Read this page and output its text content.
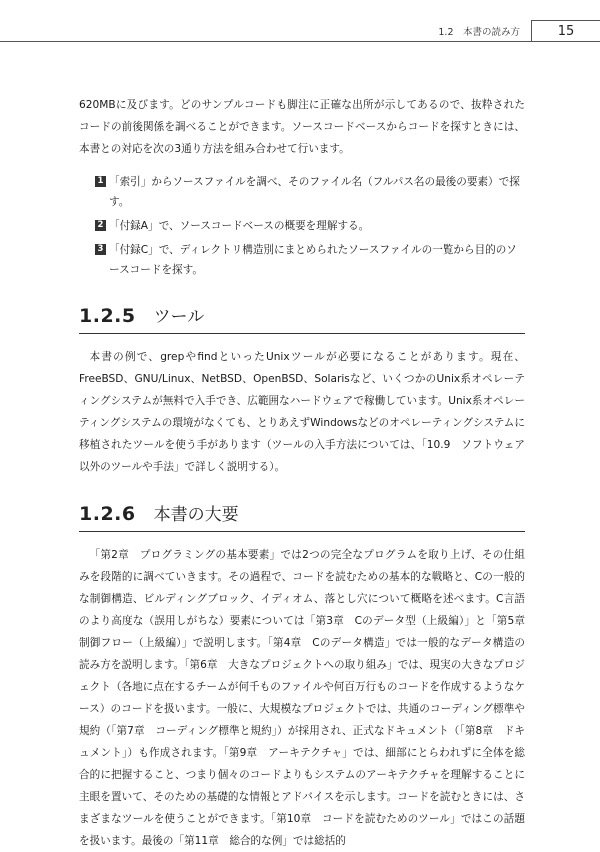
1.2　本書の読み方	15

620MBに及びます。どのサンプルコードも脚注に正確な出所が示してあるので、抜粋されたコードの前後関係を調べることができます。ソースコードベースからコードを探すときには、本書との対応を次の3通り方法を組み合わせて行います。

1 「索引」からソースファイルを調べ、そのファイル名（フルパス名の最後の要素）で探す。
2 「付録A」で、ソースコードベースの概要を理解する。
3 「付録C」で、ディレクトリ構造別にまとめられたソースファイルの一覧から目的のソースコードを探す。
1.2.5 ツール

本書の例で、grepやfindといったUnixツールが必要になることがあります。現在、FreeBSD、GNU/Linux、NetBSD、OpenBSD、Solarisなど、いくつかのUnix系オペレーティングシステムが無料で入手でき、広範囲なハードウェアで稼働しています。Unix系オペレーティングシステムの環境がなくても、とりあえずWindowsなどのオペレーティングシステムに移植されたツールを使う手があります（ツールの入手方法については、「10.9　ソフトウェア以外のツールや手法」で詳しく説明する）。

1.2.6 本書の大要

「第2章　プログラミングの基本要素」では2つの完全なプログラムを取り上げ、その仕組みを段階的に調べていきます。その過程で、コードを読むための基本的な戦略と、Cの一般的な制御構造、ビルディングブロック、イディオム、落とし穴について概略を述べます。C言語のより高度な（誤用しがちな）要素については「第3章　Cのデータ型（上級編）」と「第5章　制御フロー（上級編）」で説明します。「第4章　Cのデータ構造」では一般的なデータ構造の読み方を説明します。「第6章　大きなプロジェクトへの取り組み」では、現実の大きなプロジェクト（各地に点在するチームが何千ものファイルや何百万行ものコードを作成するようなケース）のコードを扱います。一般に、大規模なプロジェクトでは、共通のコーディング標準や規約（「第7章　コーディング標準と規約」）が採用され、正式なドキュメント（「第8章　ドキュメント」）も作成されます。「第9章　アーキテクチャ」では、細部にとらわれずに全体を総合的に把握すること、つまり個々のコードよりもシステムのアーキテクチャを理解することに主眼を置いて、そのための基礎的な情報とアドバイスを示します。コードを読むときには、さまざまなツールを使うことができます。「第10章　コードを読むためのツール」ではこの話題を扱います。最後の「第11章　総合的な例」では総括的
